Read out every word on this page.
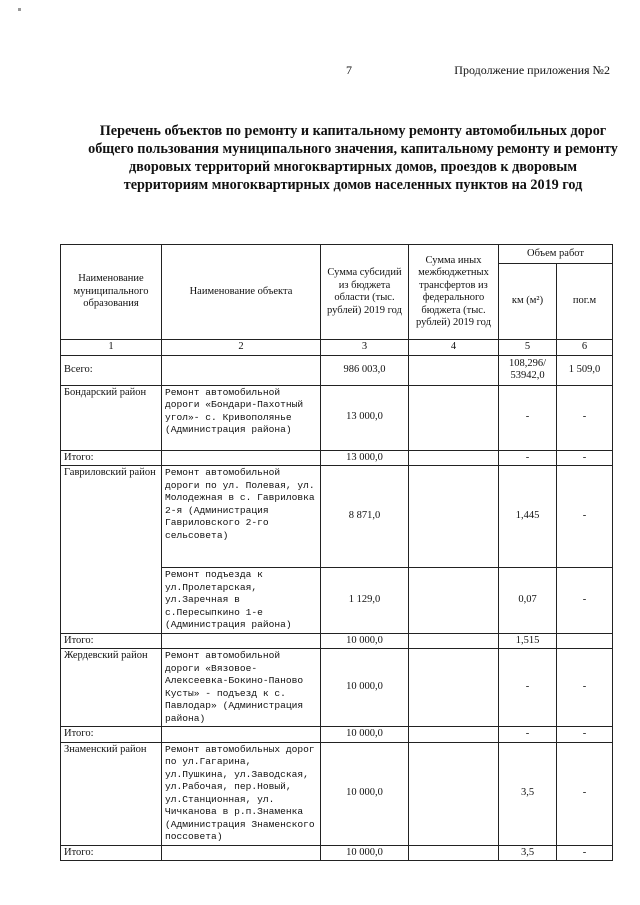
7	Продолжение приложения №2
Перечень объектов по ремонту и капитальному ремонту автомобильных дорог общего пользования муниципального значения, капитальному ремонту и ремонту дворовых территорий многоквартирных домов, проездов к дворовым территориям многоквартирных домов населенных пунктов на 2019 год
Наименование муниципального образования	Наименование объекта	Сумма субсидий из бюджета области (тыс. рублей) 2019 год	Сумма иных межбюджетных трансфертов из федерального бюджета (тыс. рублей) 2019 год	Объем работ	
				км (м²)	пог.м
1	2	3	4	5	6
Всего:		986 003,0		108,296/ 53942,0	1 509,0
Бондарский район	Ремонт автомобильной дороги «Бондари-Пахотный угол»- с. Кривополянье (Администрация района)	13 000,0		-	-
Итого:		13 000,0		-	-
Гавриловский район	Ремонт автомобильной дороги по ул. Полевая, ул. Молодежная в с. Гавриловка 2-я (Администрация Гавриловского 2-го сельсовета)	8 871,0		1,445	-
	Ремонт подъезда к ул.Пролетарская, ул.Заречная в с.Пересыпкино 1-е (Администрация района)	1 129,0		0,07	-
Итого:		10 000,0		1,515	
Жердевский район	Ремонт автомобильной дороги «Вязовое-Алексеевка-Бокино-Паново Кусты» - подъезд к с. Павлодар» (Администрация района)	10 000,0		-	-
Итого:		10 000,0		-	-
Знаменский район	Ремонт автомобильных дорог по ул.Гагарина, ул.Пушкина, ул.Заводская, ул.Рабочая, пер.Новый, ул.Станционная, ул. Чичканова в р.п.Знаменка (Администрация Знаменского поссовета)	10 000,0		3,5	-
Итого:		10 000,0		3,5	-
